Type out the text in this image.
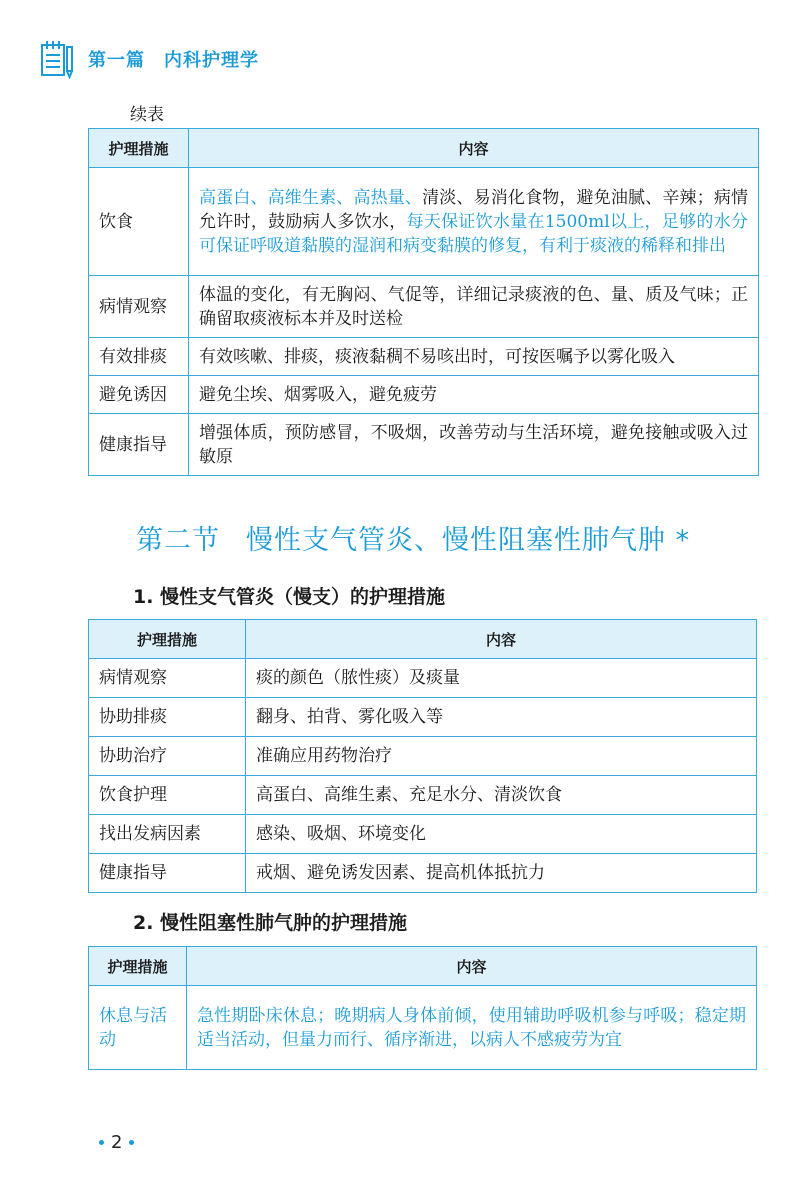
第一篇　内科护理学
续表
护理措施	内容
饮食	高蛋白、高维生素、高热量、清淡、易消化食物，避免油腻、辛辣；病情允许时，鼓励病人多饮水，每天保证饮水量在1500ml以上，足够的水分可保证呼吸道黏膜的湿润和病变黏膜的修复，有利于痰液的稀释和排出
病情观察	体温的变化，有无胸闷、气促等，详细记录痰液的色、量、质及气味；正确留取痰液标本并及时送检
有效排痰	有效咳嗽、排痰，痰液黏稠不易咳出时，可按医嘱予以雾化吸入
避免诱因	避免尘埃、烟雾吸入，避免疲劳
健康指导	增强体质，预防感冒，不吸烟，改善劳动与生活环境，避免接触或吸入过敏原
第二节 慢性支气管炎、慢性阻塞性肺气肿 *
1. 慢性支气管炎（慢支）的护理措施
护理措施	内容
病情观察	痰的颜色（脓性痰）及痰量
协助排痰	翻身、拍背、雾化吸入等
协助治疗	准确应用药物治疗
饮食护理	高蛋白、高维生素、充足水分、清淡饮食
找出发病因素	感染、吸烟、环境变化
健康指导	戒烟、避免诱发因素、提高机体抵抗力
2. 慢性阻塞性肺气肿的护理措施
护理措施	内容
休息与活动	急性期卧床休息；晚期病人身体前倾，使用辅助呼吸机参与呼吸；稳定期适当活动，但量力而行、循序渐进，以病人不感疲劳为宜
2
